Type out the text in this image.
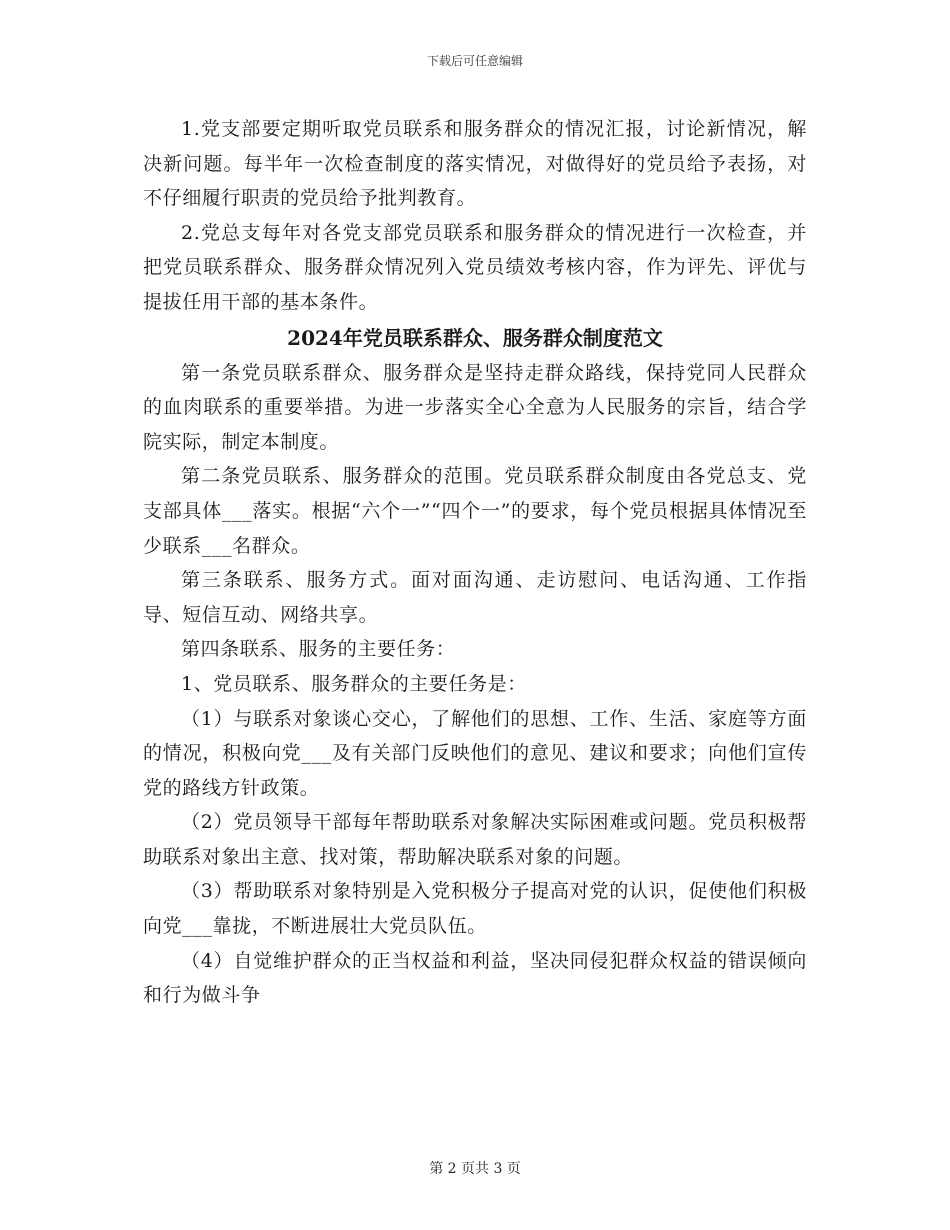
下载后可任意编辑

1.党支部要定期听取党员联系和服务群众的情况汇报，讨论新情况，解决新问题。每半年一次检查制度的落实情况，对做得好的党员给予表扬，对不仔细履行职责的党员给予批判教育。

2.党总支每年对各党支部党员联系和服务群众的情况进行一次检查，并把党员联系群众、服务群众情况列入党员绩效考核内容，作为评先、评优与提拔任用干部的基本条件。

2024年党员联系群众、服务群众制度范文

第一条党员联系群众、服务群众是坚持走群众路线，保持党同人民群众的血肉联系的重要举措。为进一步落实全心全意为人民服务的宗旨，结合学院实际，制定本制度。

第二条党员联系、服务群众的范围。党员联系群众制度由各党总支、党支部具体___落实。根据“六个一”“四个一”的要求，每个党员根据具体情况至少联系___名群众。

第三条联系、服务方式。面对面沟通、走访慰问、电话沟通、工作指导、短信互动、网络共享。

第四条联系、服务的主要任务：

1、党员联系、服务群众的主要任务是：

（1）与联系对象谈心交心，了解他们的思想、工作、生活、家庭等方面的情况，积极向党___及有关部门反映他们的意见、建议和要求；向他们宣传党的路线方针政策。

（2）党员领导干部每年帮助联系对象解决实际困难或问题。党员积极帮助联系对象出主意、找对策，帮助解决联系对象的问题。

（3）帮助联系对象特别是入党积极分子提高对党的认识，促使他们积极向党___靠拢，不断进展壮大党员队伍。

（4）自觉维护群众的正当权益和利益，坚决同侵犯群众权益的错误倾向和行为做斗争

第 2 页共 3 页
